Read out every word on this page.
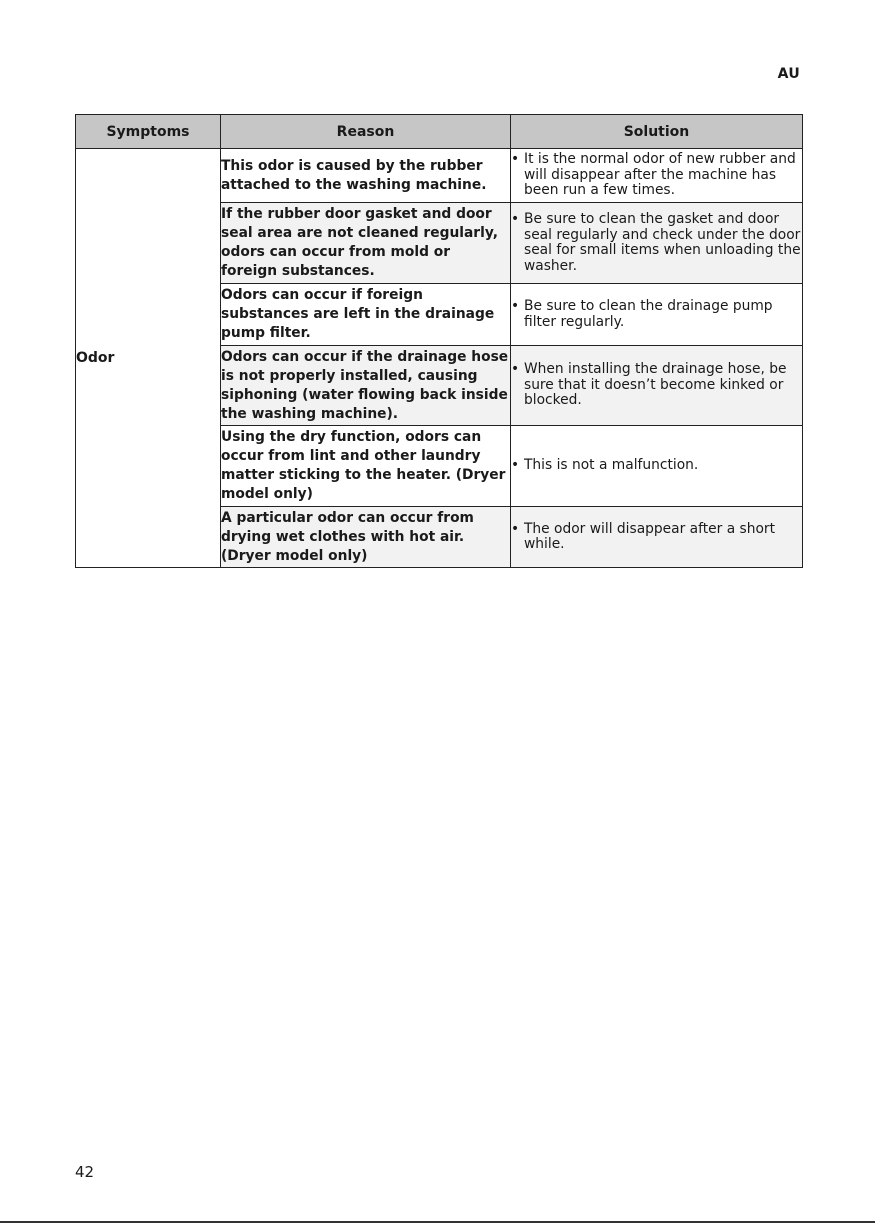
AU
Symptoms	Reason	Solution
Odor	This odor is caused by the rubber attached to the washing machine.	• It is the normal odor of new rubber and will disappear after the machine has been run a few times.

	If the rubber door gasket and door seal area are not cleaned regularly, odors can occur from mold or foreign substances.	• Be sure to clean the gasket and door seal regularly and check under the door seal for small items when unloading the washer.

	Odors can occur if foreign substances are left in the drainage pump filter.	• Be sure to clean the drainage pump filter regularly.

	Odors can occur if the drainage hose is not properly installed, causing siphoning (water flowing back inside the washing machine).	• When installing the drainage hose, be sure that it doesn’t become kinked or blocked.

	Using the dry function, odors can occur from lint and other laundry matter sticking to the heater. (Dryer model only)	• This is not a malfunction.

	A particular odor can occur from drying wet clothes with hot air. (Dryer model only)	• The odor will disappear after a short while.
42
